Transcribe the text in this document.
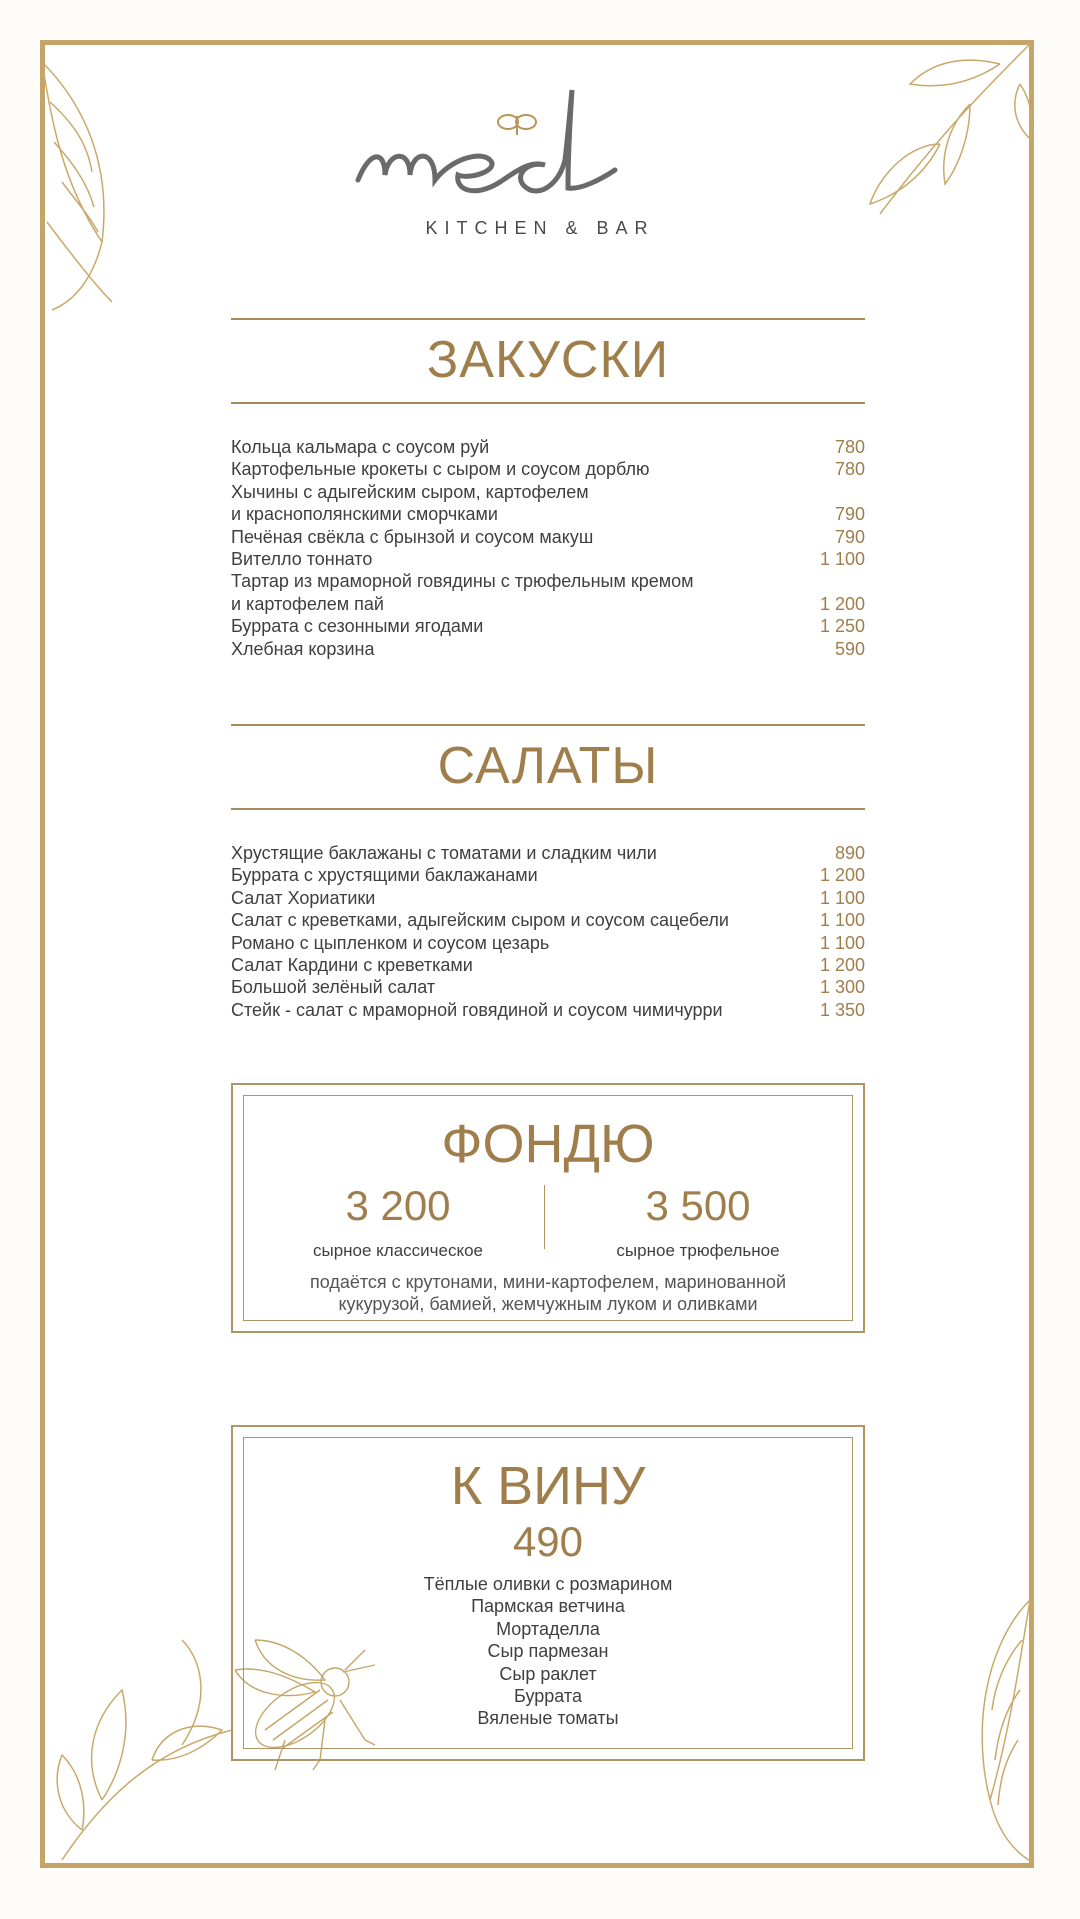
KITCHEN & BAR
ЗАКУСКИ
Кольца кальмара с соусом руй	780
Картофельные крокеты с сыром и соусом дорблю	780
Хычины с адыгейским сыром, картофелем
и краснополянскими сморчками	790
Печёная свёкла с брынзой и соусом макуш	790
Вителло тоннато	1 100
Тартар из мраморной говядины с трюфельным кремом
и картофелем пай	1 200
Буррата с сезонными ягодами	1 250
Хлебная корзина	590
САЛАТЫ
Хрустящие баклажаны с томатами и сладким чили	890
Буррата с хрустящими баклажанами	1 200
Салат Хориатики	1 100
Салат с креветками, адыгейским сыром и соусом сацебели	1 100
Романо с цыпленком и соусом цезарь	1 100
Салат Кардини с креветками	1 200
Большой зелёный салат	1 300
Стейк - салат с мраморной говядиной и соусом чимичурри	1 350
ФОНДЮ
3 200
сырное классическое
3 500
сырное трюфельное
подаётся с крутонами, мини-картофелем, маринованной
кукурузой, бамией, жемчужным луком и оливками
К ВИНУ
490
Тёплые оливки с розмарином
Пармская ветчина
Мортаделла
Сыр пармезан
Сыр раклет
Буррата
Вяленые томаты
